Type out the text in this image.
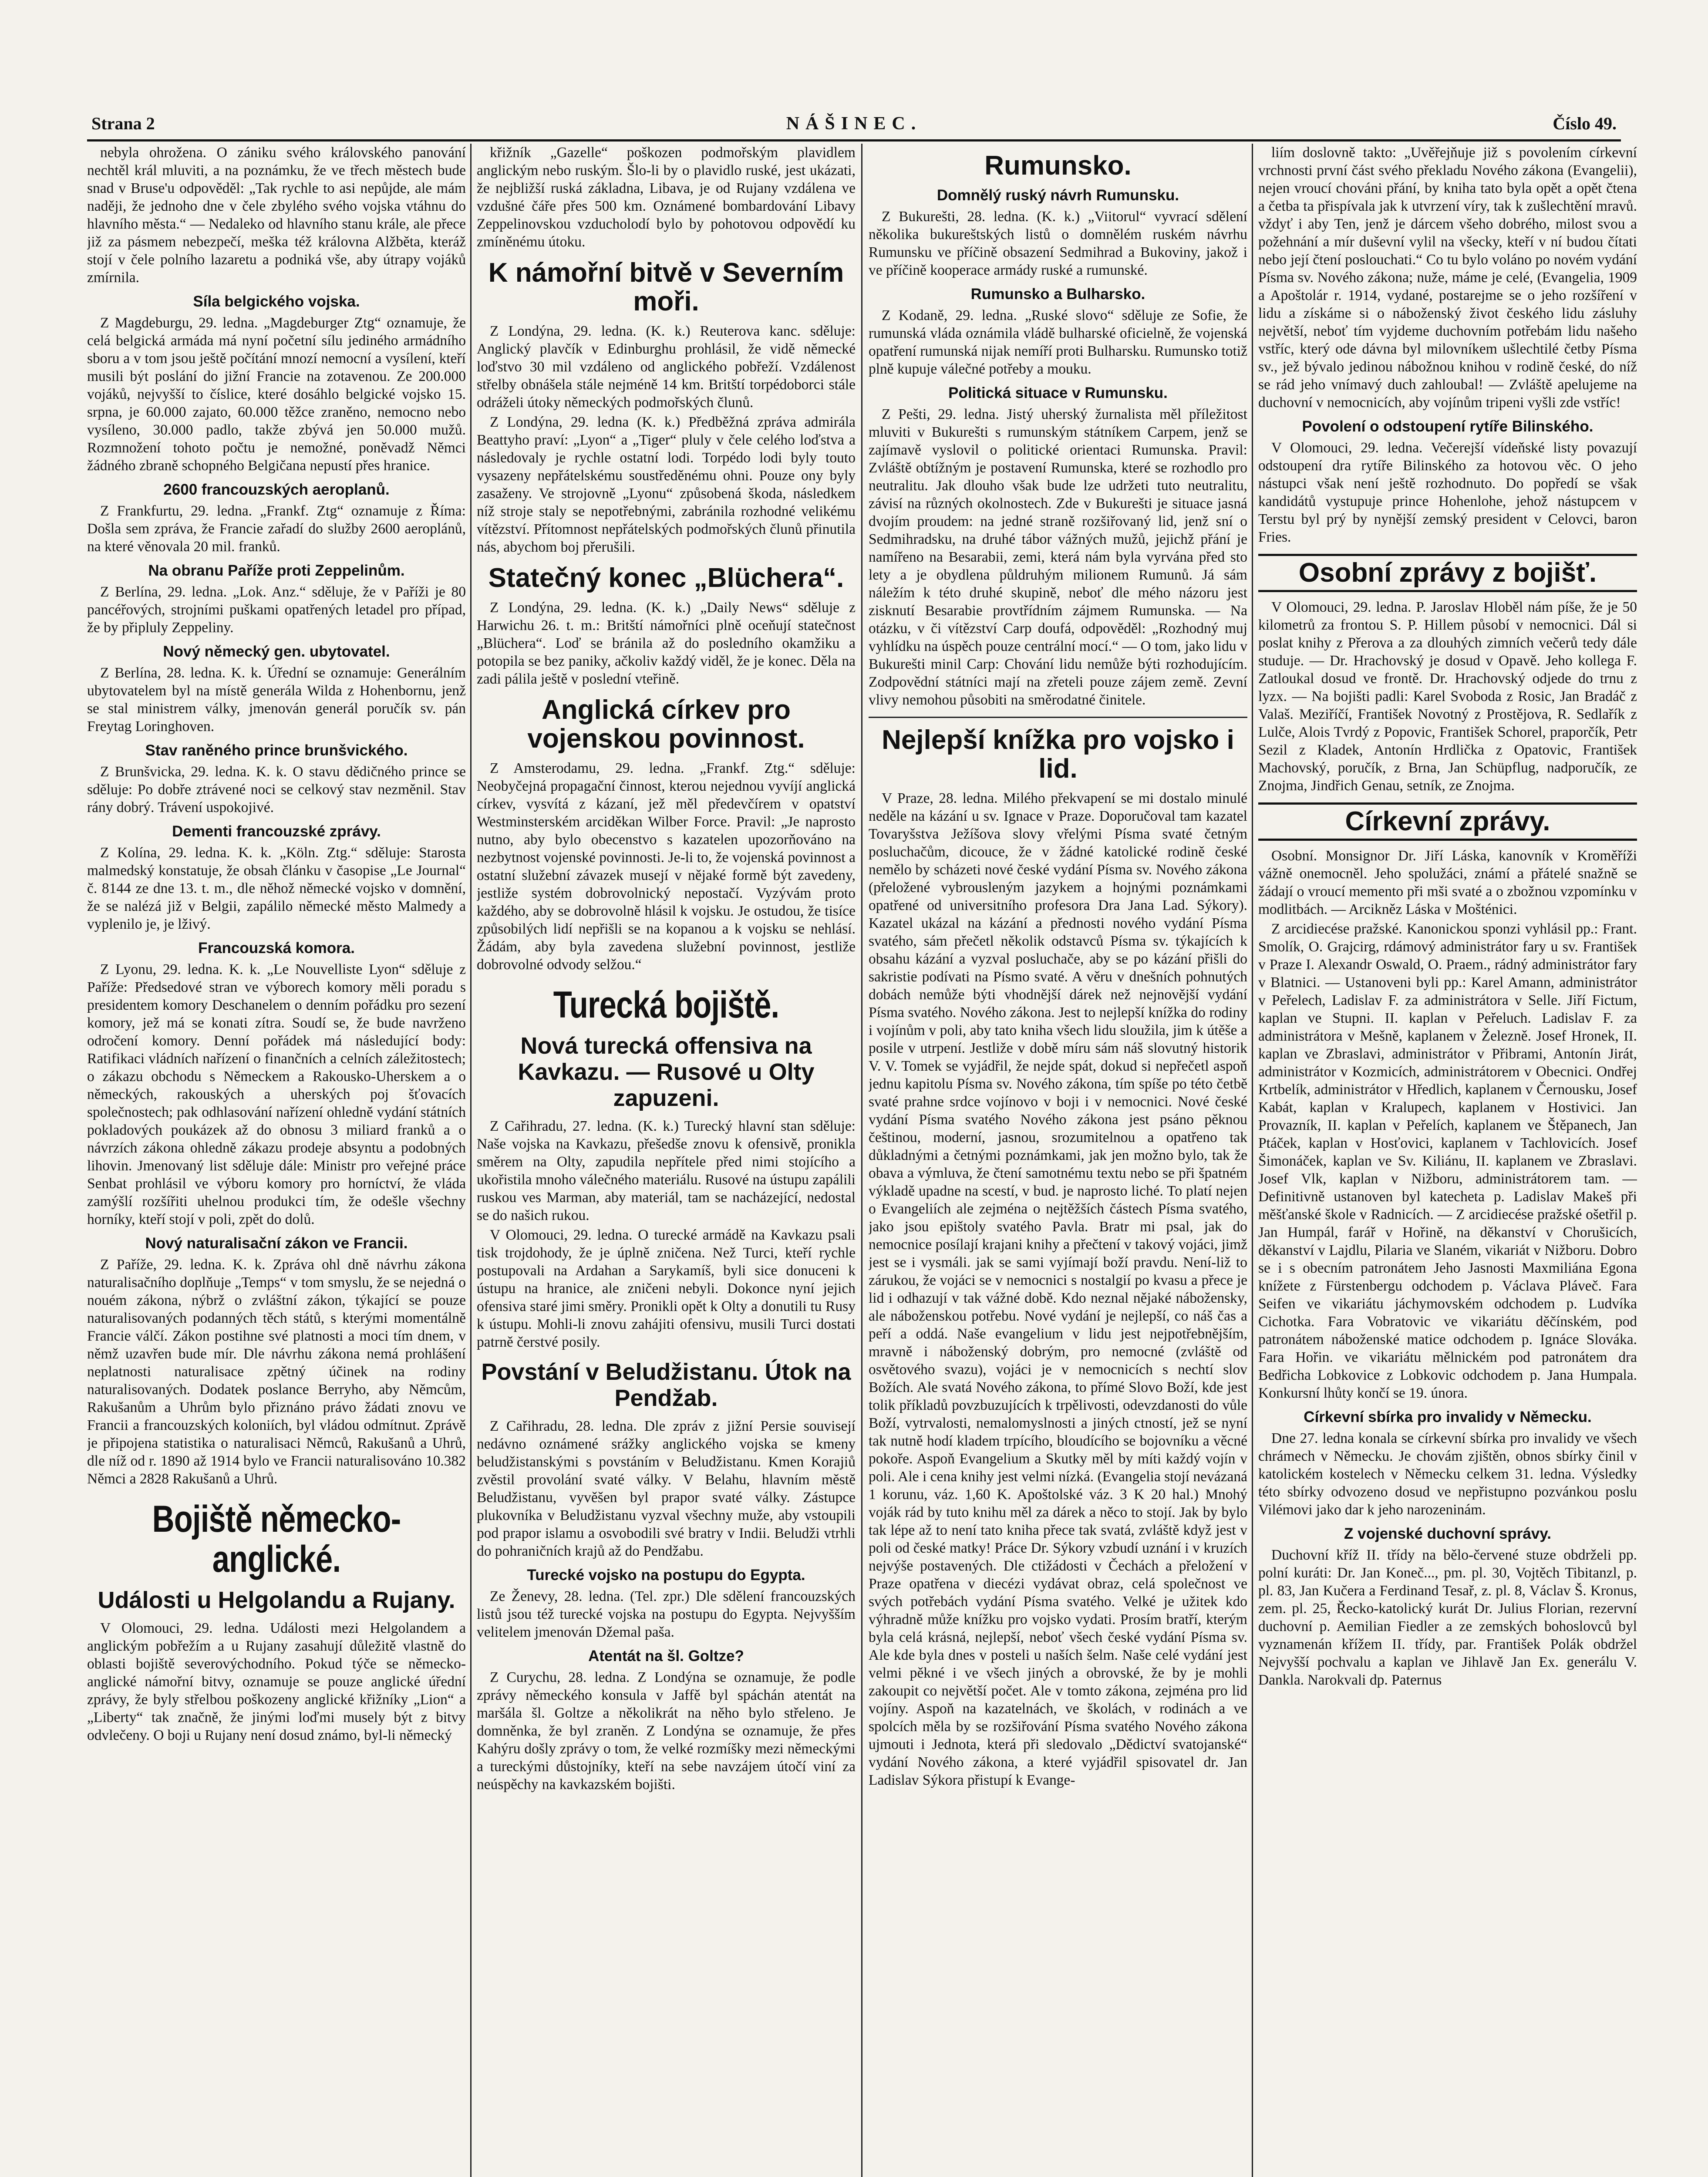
Strana 2	NÁŠINEC.	Číslo 49.

nebyla ohrožena. O zániku svého královského panování nechtěl král mluviti, a na poznámku, že ve třech městech bude snad v Bruse'u odpověděl: „Tak rychle to asi nepůjde, ale mám naději, že jednoho dne v čele zbylého svého vojska vtáhnu do hlavního města.“ — Nedaleko od hlavního stanu krále, ale přece již za pásmem nebezpečí, meška též královna Alžběta, kteráž stojí v čele polního lazaretu a podniká vše, aby útrapy vojáků zmírnila.

Síla belgického vojska.

Z Magdeburgu, 29. ledna. „Magdeburger Ztg“ oznamuje, že celá belgická armáda má nyní početní sílu jediného armádního sboru a v tom jsou ještě počítání mnozí nemocní a vysílení, kteří musili být poslání do jižní Francie na zotavenou. Ze 200.000 vojáků, nejvyšší to číslice, které dosáhlo belgické vojsko 15. srpna, je 60.000 zajato, 60.000 těžce zraněno, nemocno nebo vysíleno, 30.000 padlo, takže zbývá jen 50.000 mužů. Rozmnožení tohoto počtu je nemožné, poněvadž Němci žádného zbraně schopného Belgičana nepustí přes hranice.

2600 francouzských aeroplanů.

Z Frankfurtu, 29. ledna. „Frankf. Ztg“ oznamuje z Říma: Došla sem zpráva, že Francie zařadí do služby 2600 aeroplánů, na které věnovala 20 mil. franků.

Na obranu Paříže proti Zeppelinům.

Z Berlína, 29. ledna. „Lok. Anz.“ sděluje, že v Paříži je 80 pancéřových, strojními puškami opatřených letadel pro případ, že by připluly Zeppeliny.

Nový německý gen. ubytovatel.

Z Berlína, 28. ledna. K. k. Úřední se oznamuje: Generálním ubytovatelem byl na místě generála Wilda z Hohenbornu, jenž se stal ministrem války, jmenován generál poručík sv. pán Freytag Loringhoven.

Stav raněného prince brunšvického.

Z Brunšvicka, 29. ledna. K. k. O stavu dědičného prince se sděluje: Po dobře ztrávené noci se celkový stav nezměnil. Stav rány dobrý. Trávení uspokojivé.

Dementi francouzské zprávy.

Z Kolína, 29. ledna. K. k. „Köln. Ztg.“ sděluje: Starosta malmedský konstatuje, že obsah článku v časopise „Le Journal“ č. 8144 ze dne 13. t. m., dle něhož německé vojsko v domnění, že se nalézá již v Belgii, zapálilo německé město Malmedy a vyplenilo je, je lživý.

Francouzská komora.

Z Lyonu, 29. ledna. K. k. „Le Nouvelliste Lyon“ sděluje z Paříže: Předsedové stran ve výborech komory měli poradu s presidentem komory Deschanelem o denním pořádku pro sezení komory, jež má se konati zítra. Soudí se, že bude navrženo odročení komory. Denní pořádek má následující body: Ratifikaci vládních nařízení o finančních a celních záležitostech; o zákazu obchodu s Německem a Rakousko-Uherskem a o německých, rakouských a uherských poj šťovacích společnostech; pak odhlasování nařízení ohledně vydání státních pokladových poukázek až do obnosu 3 miliard franků a o návrzích zákona ohledně zákazu prodeje absyntu a podobných lihovin. Jmenovaný list sděluje dále: Ministr pro veřejné práce Senbat prohlásil ve výboru komory pro horníctví, že vláda zamýšlí rozšířiti uhelnou produkci tím, že odešle všechny horníky, kteří stojí v poli, zpět do dolů.

Nový naturalisační zákon ve Francii.

Z Paříže, 29. ledna. K. k. Zpráva ohl dně návrhu zákona naturalisačního doplňuje „Temps“ v tom smyslu, že se nejedná o nouém zákona, nýbrž o zvláštní zákon, týkající se pouze naturalisovaných podanných těch států, s kterými momentálně Francie válčí. Zákon postihne své platnosti a moci tím dnem, v němž uzavřen bude mír. Dle návrhu zákona nemá prohlášení neplatnosti naturalisace zpětný účinek na rodiny naturalisovaných. Dodatek poslance Berryho, aby Němcům, Rakušanům a Uhrům bylo přiznáno právo žádati znovu ve Francii a francouzských koloniích, byl vládou odmítnut. Zprávě je připojena statistika o naturalisaci Němců, Rakušanů a Uhrů, dle níž od r. 1890 až 1914 bylo ve Francii naturalisováno 10.382 Němci a 2828 Rakušanů a Uhrů.

Bojiště německo-anglické.
Události u Helgolandu a Rujany.

V Olomouci, 29. ledna. Události mezi Helgolandem a anglickým pobřežím a u Rujany zasahují důležitě vlastně do oblasti bojiště severovýchodního. Pokud týče se německo-anglické námořní bitvy, oznamuje se pouze anglické úřední zprávy, že byly střelbou poškozeny anglické křižníky „Lion“ a „Liberty“ tak značně, že jinými loďmi musely být z bitvy odvlečeny. O boji u Rujany není dosud známo, byl-li německý

křižník „Gazelle“ poškozen podmořským plavidlem anglickým nebo ruským. Šlo-li by o plavidlo ruské, jest ukázati, že nejbližší ruská základna, Libava, je od Rujany vzdálena ve vzdušné čáře přes 500 km. Oznámené bombardování Libavy Zeppelinovskou vzducholodí bylo by pohotovou odpovědí ku zmíněnému útoku.

K námořní bitvě v Severním moři.

Z Londýna, 29. ledna. (K. k.) Reuterova kanc. sděluje: Anglický plavčík v Edinburghu prohlásil, že vidě německé loďstvo 30 mil vzdáleno od anglického pobřeží. Vzdálenost střelby obnášela stále nejméně 14 km. Britští torpédoborci stále odráželi útoky německých podmořských člunů.

Z Londýna, 29. ledna (K. k.) Předběžná zpráva admirála Beattyho praví: „Lyon“ a „Tiger“ pluly v čele celého loďstva a následovaly je rychle ostatní lodi. Torpédo lodi byly touto vysazeny nepřátelskému soustředěnému ohni. Pouze ony byly zasaženy. Ve strojovně „Lyonu“ způsobená škoda, následkem níž stroje staly se nepotřebnými, zabránila rozhodné velikému vítězství. Přítomnost nepřátelských podmořských člunů přinutila nás, abychom boj přerušili.

Statečný konec „Blüchera“.

Z Londýna, 29. ledna. (K. k.) „Daily News“ sděluje z Harwichu 26. t. m.: Britští námořníci plně oceňují statečnost „Blüchera“. Loď se bránila až do posledního okamžiku a potopila se bez paniky, ačkoliv každý viděl, že je konec. Děla na zadi pálila ještě v poslední vteřině.

Anglická církev pro vojenskou povinnost.

Z Amsterodamu, 29. ledna. „Frankf. Ztg.“ sděluje: Neobyčejná propagační činnost, kterou nejednou vyvíjí anglická církev, vysvítá z kázaní, jež měl předevčírem v opatství Westminsterském arciděkan Wilber Force. Pravil: „Je naprosto nutno, aby bylo obecenstvo s kazatelen upozorňováno na nezbytnost vojenské povinnosti. Je-li to, že vojenská povinnost a ostatní služební závazek musejí v nějaké formě být zavedeny, jestliže systém dobrovolnický nepostačí. Vyzývám proto každého, aby se dobrovolně hlásil k vojsku. Je ostudou, že tisíce způsobilých lidí nepřišli se na kopanou a k vojsku se nehlásí. Žádám, aby byla zavedena služební povinnost, jestliže dobrovolné odvody selžou.“

Turecká bojiště.
Nová turecká offensiva na Kavkazu. — Rusové u Olty zapuzeni.

Z Cařihradu, 27. ledna. (K. k.) Turecký hlavní stan sděluje: Naše vojska na Kavkazu, přešedše znovu k ofensivě, pronikla směrem na Olty, zapudila nepřítele před nimi stojícího a ukořistila mnoho válečného materiálu. Rusové na ústupu zapálili ruskou ves Marman, aby materiál, tam se nacházející, nedostal se do našich rukou.

V Olomouci, 29. ledna. O turecké armádě na Kavkazu psali tisk trojdohody, že je úplně zničena. Než Turci, kteří rychle postupovali na Ardahan a Sarykamíš, byli sice donuceni k ústupu na hranice, ale zničeni nebyli. Dokonce nyní jejich ofensiva staré jimi směry. Pronikli opět k Olty a donutili tu Rusy k ústupu. Mohli-li znovu zahájiti ofensivu, musili Turci dostati patrně čerstvé posily.

Povstání v Beludžistanu. Útok na Pendžab.

Z Cařihradu, 28. ledna. Dle zpráv z jižní Persie souvisejí nedávno oznámené srážky anglického vojska se kmeny beludžistanskými s povstáním v Beludžistanu. Kmen Korajiů zvěstil provolání svaté války. V Belahu, hlavním městě Beludžistanu, vyvěšen byl prapor svaté války. Zástupce plukovníka v Beludžistanu vyzval všechny muže, aby vstoupili pod prapor islamu a osvobodili své bratry v Indii. Beludži vtrhli do pohraničních krajů až do Pendžabu.

Turecké vojsko na postupu do Egypta.

Ze Ženevy, 28. ledna. (Tel. zpr.) Dle sdělení francouzských listů jsou též turecké vojska na postupu do Egypta. Nejvyšším velitelem jmenován Džemal paša.

Atentát na šl. Goltze?

Z Curychu, 28. ledna. Z Londýna se oznamuje, že podle zprávy německého konsula v Jaffě byl spáchán atentát na maršála šl. Goltze a několikrát na něho bylo střeleno. Je domněnka, že byl zraněn. Z Londýna se oznamuje, že přes Kahýru došly zprávy o tom, že velké rozmíšky mezi německými a tureckými důstojníky, kteří na sebe navzájem útočí viní za neúspěchy na kavkazském bojišti.

Rumunsko.
Domnělý ruský návrh Rumunsku.

Z Bukurešti, 28. ledna. (K. k.) „Viitorul“ vyvrací sdělení několika bukureštských listů o domnělém ruském návrhu Rumunsku ve příčině obsazení Sedmihrad a Bukoviny, jakož i ve příčině kooperace armády ruské a rumunské.

Rumunsko a Bulharsko.

Z Kodaně, 29. ledna. „Ruské slovo“ sděluje ze Sofie, že rumunská vláda oznámila vládě bulharské oficielně, že vojenská opatření rumunská nijak nemíří proti Bulharsku. Rumunsko totiž plně kupuje válečné potřeby a mouku.

Politická situace v Rumunsku.

Z Pešti, 29. ledna. Jistý uherský žurnalista měl příležitost mluviti v Bukurešti s rumunským státníkem Carpem, jenž se zajímavě vyslovil o politické orientaci Rumunska. Pravil: Zvláště obtížným je postavení Rumunska, které se rozhodlo pro neutralitu. Jak dlouho však bude lze udržeti tuto neutralitu, závisí na různých okolnostech. Zde v Bukurešti je situace jasná dvojím proudem: na jedné straně rozšiřovaný lid, jenž sní o Sedmihradsku, na druhé tábor vážných mužů, jejichž přání je namířeno na Besarabii, zemi, která nám byla vyrvána před sto lety a je obydlena půldruhým milionem Rumunů. Já sám náležím k této druhé skupině, neboť dle mého názoru jest zisknutí Besarabie provtřídním zájmem Rumunska. — Na otázku, v či vítězství Carp doufá, odpověděl: „Rozhodný muj vyhlídku na úspěch pouze centrální mocí.“ — O tom, jako lidu v Bukurešti minil Carp: Chování lidu nemůže býti rozhodujícím. Zodpovědní státníci mají na zřeteli pouze zájem země. Zevní vlivy nemohou působiti na směrodatné činitele.

Nejlepší knížka pro vojsko i lid.

V Praze, 28. ledna. Milého překvapení se mi dostalo minulé neděle na kázání u sv. Ignace v Praze. Doporučoval tam kazatel Tovaryšstva Ježíšova slovy vřelými Písma svaté četným posluchačům, dicouce, že v žádné katolické rodině české nemělo by scházeti nové české vydání Písma sv. Nového zákona (přeložené vybrousleným jazykem a hojnými poznámkami opatřené od universitního profesora Dra Jana Lad. Sýkory). Kazatel ukázal na kázání a přednosti nového vydání Písma svatého, sám přečetl několik odstavců Písma sv. týkajících k obsahu kázání a vyzval posluchače, aby se po kázání přišli do sakristie podívati na Písmo svaté. A věru v dnešních pohnutých dobách nemůže býti vhodnější dárek než nejnovější vydání Písma svatého. Nového zákona. Jest to nejlepší knížka do rodiny i vojínům v poli, aby tato kniha všech lidu sloužila, jim k útěše a posile v utrpení. Jestliže v době míru sám náš slovutný historik V. V. Tomek se vyjádřil, že nejde spát, dokud si nepřečetl aspoň jednu kapitolu Písma sv. Nového zákona, tím spíše po této četbě svaté prahne srdce vojínovo v boji i v nemocnici. Nové české vydání Písma svatého Nového zákona jest psáno pěknou češtinou, moderní, jasnou, srozumitelnou a opatřeno tak důkladnými a četnými poznámkami, jak jen možno bylo, tak že obava a výmluva, že čtení samotnému textu nebo se při špatném výkladě upadne na scestí, v bud. je naprosto liché. To platí nejen o Evangeliích ale zejména o nejtěžších částech Písma svatého, jako jsou epištoly svatého Pavla. Bratr mi psal, jak do nemocnice posílají krajani knihy a přečtení v takový vojáci, jimž jest se i vysmáli. jak se sami vyjímají boží pravdu. Není-liž to zárukou, že vojáci se v nemocnici s nostalgií po kvasu a přece je lid i odhazují v tak vážné době. Kdo neznal nějaké nábožensky, ale náboženskou potřebu. Nové vydání je nejlepší, co náš čas a peří a oddá. Naše evangelium v lidu jest nejpotřebnějším, mravně i náboženský dobrým, pro nemocné (zvláště od osvětového svazu), vojáci je v nemocnicích s nechtí slov Božích. Ale svatá Nového zákona, to přímé Slovo Boží, kde jest tolik příkladů povzbuzujících k trpělivosti, odevzdanosti do vůle Boží, vytrvalosti, nemalomyslnosti a jiných ctností, jež se nyní tak nutně hodí kladem trpícího, bloudícího se bojovníku a věcné pokoře. Aspoň Evangelium a Skutky měl by míti každý vojín v poli. Ale i cena knihy jest velmi nízká. (Evangelia stojí nevázaná 1 korunu, váz. 1,60 K. Apoštolské váz. 3 K 20 hal.) Mnohý voják rád by tuto knihu měl za dárek a něco to stojí. Jak by bylo tak lépe až to není tato kniha přece tak svatá, zvláště když jest v poli od české matky! Práce Dr. Sýkory vzbudí uznání i v kruzích nejvýše postavených. Dle ctižádosti v Čechách a přeložení v Praze opatřena v diecézi vydávat obraz, celá společnost ve svých potřebách vydání Písma svatého. Velké je užitek kdo výhradně může knížku pro vojsko vydati. Prosím bratří, kterým byla celá krásná, nejlepší, neboť všech české vydání Písma sv. Ale kde byla dnes v posteli u naších šelm. Naše celé vydání jest velmi pěkné i ve všech jiných a obrovské, že by je mohli zakoupit co největší počet. Ale v tomto zákona, zejména pro lid vojíny. Aspoň na kazatelnách, ve školách, v rodinách a ve spolcích měla by se rozšiřování Písma svatého Nového zákona ujmouti i Jednota, která při sledovalo „Dědictví svatojanské“ vydání Nového zákona, a které vyjádřil spisovatel dr. Jan Ladislav Sýkora přistupí k Evange-

liím doslovně takto: „Uvěřejňuje již s povolením církevní vrchnosti první část svého překladu Nového zákona (Evangelii), nejen vroucí chováni přání, by kniha tato byla opět a opět čtena a četba ta přispívala jak k utvrzení víry, tak k zušlechtění mravů. vždyť i aby Ten, jenž je dárcem všeho dobrého, milost svou a požehnání a mír duševní vylil na všecky, kteří v ní budou čítati nebo její čtení poslouchati.“ Co tu bylo voláno po novém vydání Písma sv. Nového zákona; nuže, máme je celé, (Evangelia, 1909 a Apoštolár r. 1914, vydané, postarejme se o jeho rozšíření v lidu a získáme si o náboženský život českého lidu zásluhy největší, neboť tím vyjdeme duchovním potřebám lidu našeho vstříc, který ode dávna byl milovníkem ušlechtilé četby Písma sv., jež bývalo jedinou nábožnou knihou v rodině české, do níž se rád jeho vnímavý duch zahloubal! — Zvláště apelujeme na duchovní v nemocnicích, aby vojínům tripeni vyšli zde vstříc!

Povolení o odstoupení rytíře Bilinského.

V Olomouci, 29. ledna. Večerejší vídeňské listy povazují odstoupení dra rytíře Bilinského za hotovou věc. O jeho nástupci však není ještě rozhodnuto. Do popředí se však kandidátů vystupuje prince Hohenlohe, jehož nástupcem v Terstu byl prý by nynější zemský president v Celovci, baron Fries.

Osobní zprávy z bojišť.

V Olomouci, 29. ledna. P. Jaroslav Hloběl nám píše, že je 50 kilometrů za frontou S. P. Hillem působí v nemocnici. Dál si poslat knihy z Přerova a za dlouhých zimních večerů tedy dále studuje. — Dr. Hrachovský je dosud v Opavě. Jeho kollega F. Zatloukal dosud ve frontě. Dr. Hrachovský odjede do trnu z lyzx. — Na bojišti padli: Karel Svoboda z Rosic, Jan Bradáč z Valaš. Meziříčí, František Novotný z Prostějova, R. Sedlařík z Lulče, Alois Tvrdý z Popovic, František Schorel, praporčík, Petr Sezil z Kladek, Antonín Hrdlička z Opatovic, František Machovský, poručík, z Brna, Jan Schüpflug, nadporučík, ze Znojma, Jindřich Genau, setník, ze Znojma.

Církevní zprávy.

Osobní. Monsignor Dr. Jiří Láska, kanovník v Kroměříži vážně onemocněl. Jeho spolužáci, známí a přátelé snažně se žádají o vroucí memento při mši svaté a o zbožnou vzpomínku v modlitbách. — Arcikněz Láska v Mošténici.

Z arcidiecése pražské. Kanonickou sponzi vyhlásil pp.: Frant. Smolík, O. Grajcirg, rdámový administrátor fary u sv. František v Praze I. Alexandr Oswald, O. Praem., rádný administrátor fary v Blatnici. — Ustanoveni byli pp.: Karel Amann, administrátor v Peřelech, Ladislav F. za administrátora v Selle. Jiří Fictum, kaplan ve Stupni. II. kaplan v Peřeluch. Ladislav F. za administrátora v Mešně, kaplanem v Železně. Josef Hronek, II. kaplan ve Zbraslavi, administrátor v Přibrami, Antonín Jirát, administrátor v Kozmicích, administrátorem v Obecnici. Ondřej Krtbelík, administrátor v Hředlich, kaplanem v Černousku, Josef Kabát, kaplan v Kralupech, kaplanem v Hostivici. Jan Provazník, II. kaplan v Peřelích, kaplanem ve Štěpanech, Jan Ptáček, kaplan v Hosťovici, kaplanem v Tachlovicích. Josef Šimonáček, kaplan ve Sv. Kiliánu, II. kaplanem ve Zbraslavi. Josef Vlk, kaplan v Nižboru, administrátorem tam. — Definitivně ustanoven byl katecheta p. Ladislav Makeš při měšťanské škole v Radnicích. — Z arcidiecése pražské ošetřil p. Jan Humpál, farář v Hořině, na děkanství v Chorušicích, děkanství v Lajdlu, Pilaria ve Slaném, vikariát v Nižboru. Dobro se i s obecním patronátem Jeho Jasnosti Maxmiliána Egona knížete z Fürstenbergu odchodem p. Václava Pláveč. Fara Seifen ve vikariátu jáchymovském odchodem p. Ludvíka Cichotka. Fara Vobratovic ve vikariátu děčínském, pod patronátem náboženské matice odchodem p. Ignáce Slováka. Fara Hořin. ve vikariátu mělnickém pod patronátem dra Bedřicha Lobkovice z Lobkovic odchodem p. Jana Humpala. Konkursní lhůty končí se 19. února.

Církevní sbírka pro invalidy v Německu.

Dne 27. ledna konala se církevní sbírka pro invalidy ve všech chrámech v Německu. Je chovám zjištěn, obnos sbírky činil v katolickém kostelech v Německu celkem 31. ledna. Výsledky této sbírky odvozeno dosud ve nepřistupno pozvánkou poslu Vilémovi jako dar k jeho narozeninám.

Z vojenské duchovní správy.

Duchovní kříž II. třídy na bělo-červené stuze obdrželi pp. polní kuráti: Dr. Jan Koneč..., pm. pl. 30, Vojtěch Tibitanzl, p. pl. 83, Jan Kučera a Ferdinand Tesař, z. pl. 8, Václav Š. Kronus, zem. pl. 25, Řecko-katolický kurát Dr. Julius Florian, rezervní duchovní p. Aemilian Fiedler a ze zemských bohoslovců byl vyznamenán křížem II. třídy, par. František Polák obdržel Nejvyšší pochvalu a kaplan ve Jihlavě Jan Ex. generálu V. Dankla. Narokvali dp. Paternus
